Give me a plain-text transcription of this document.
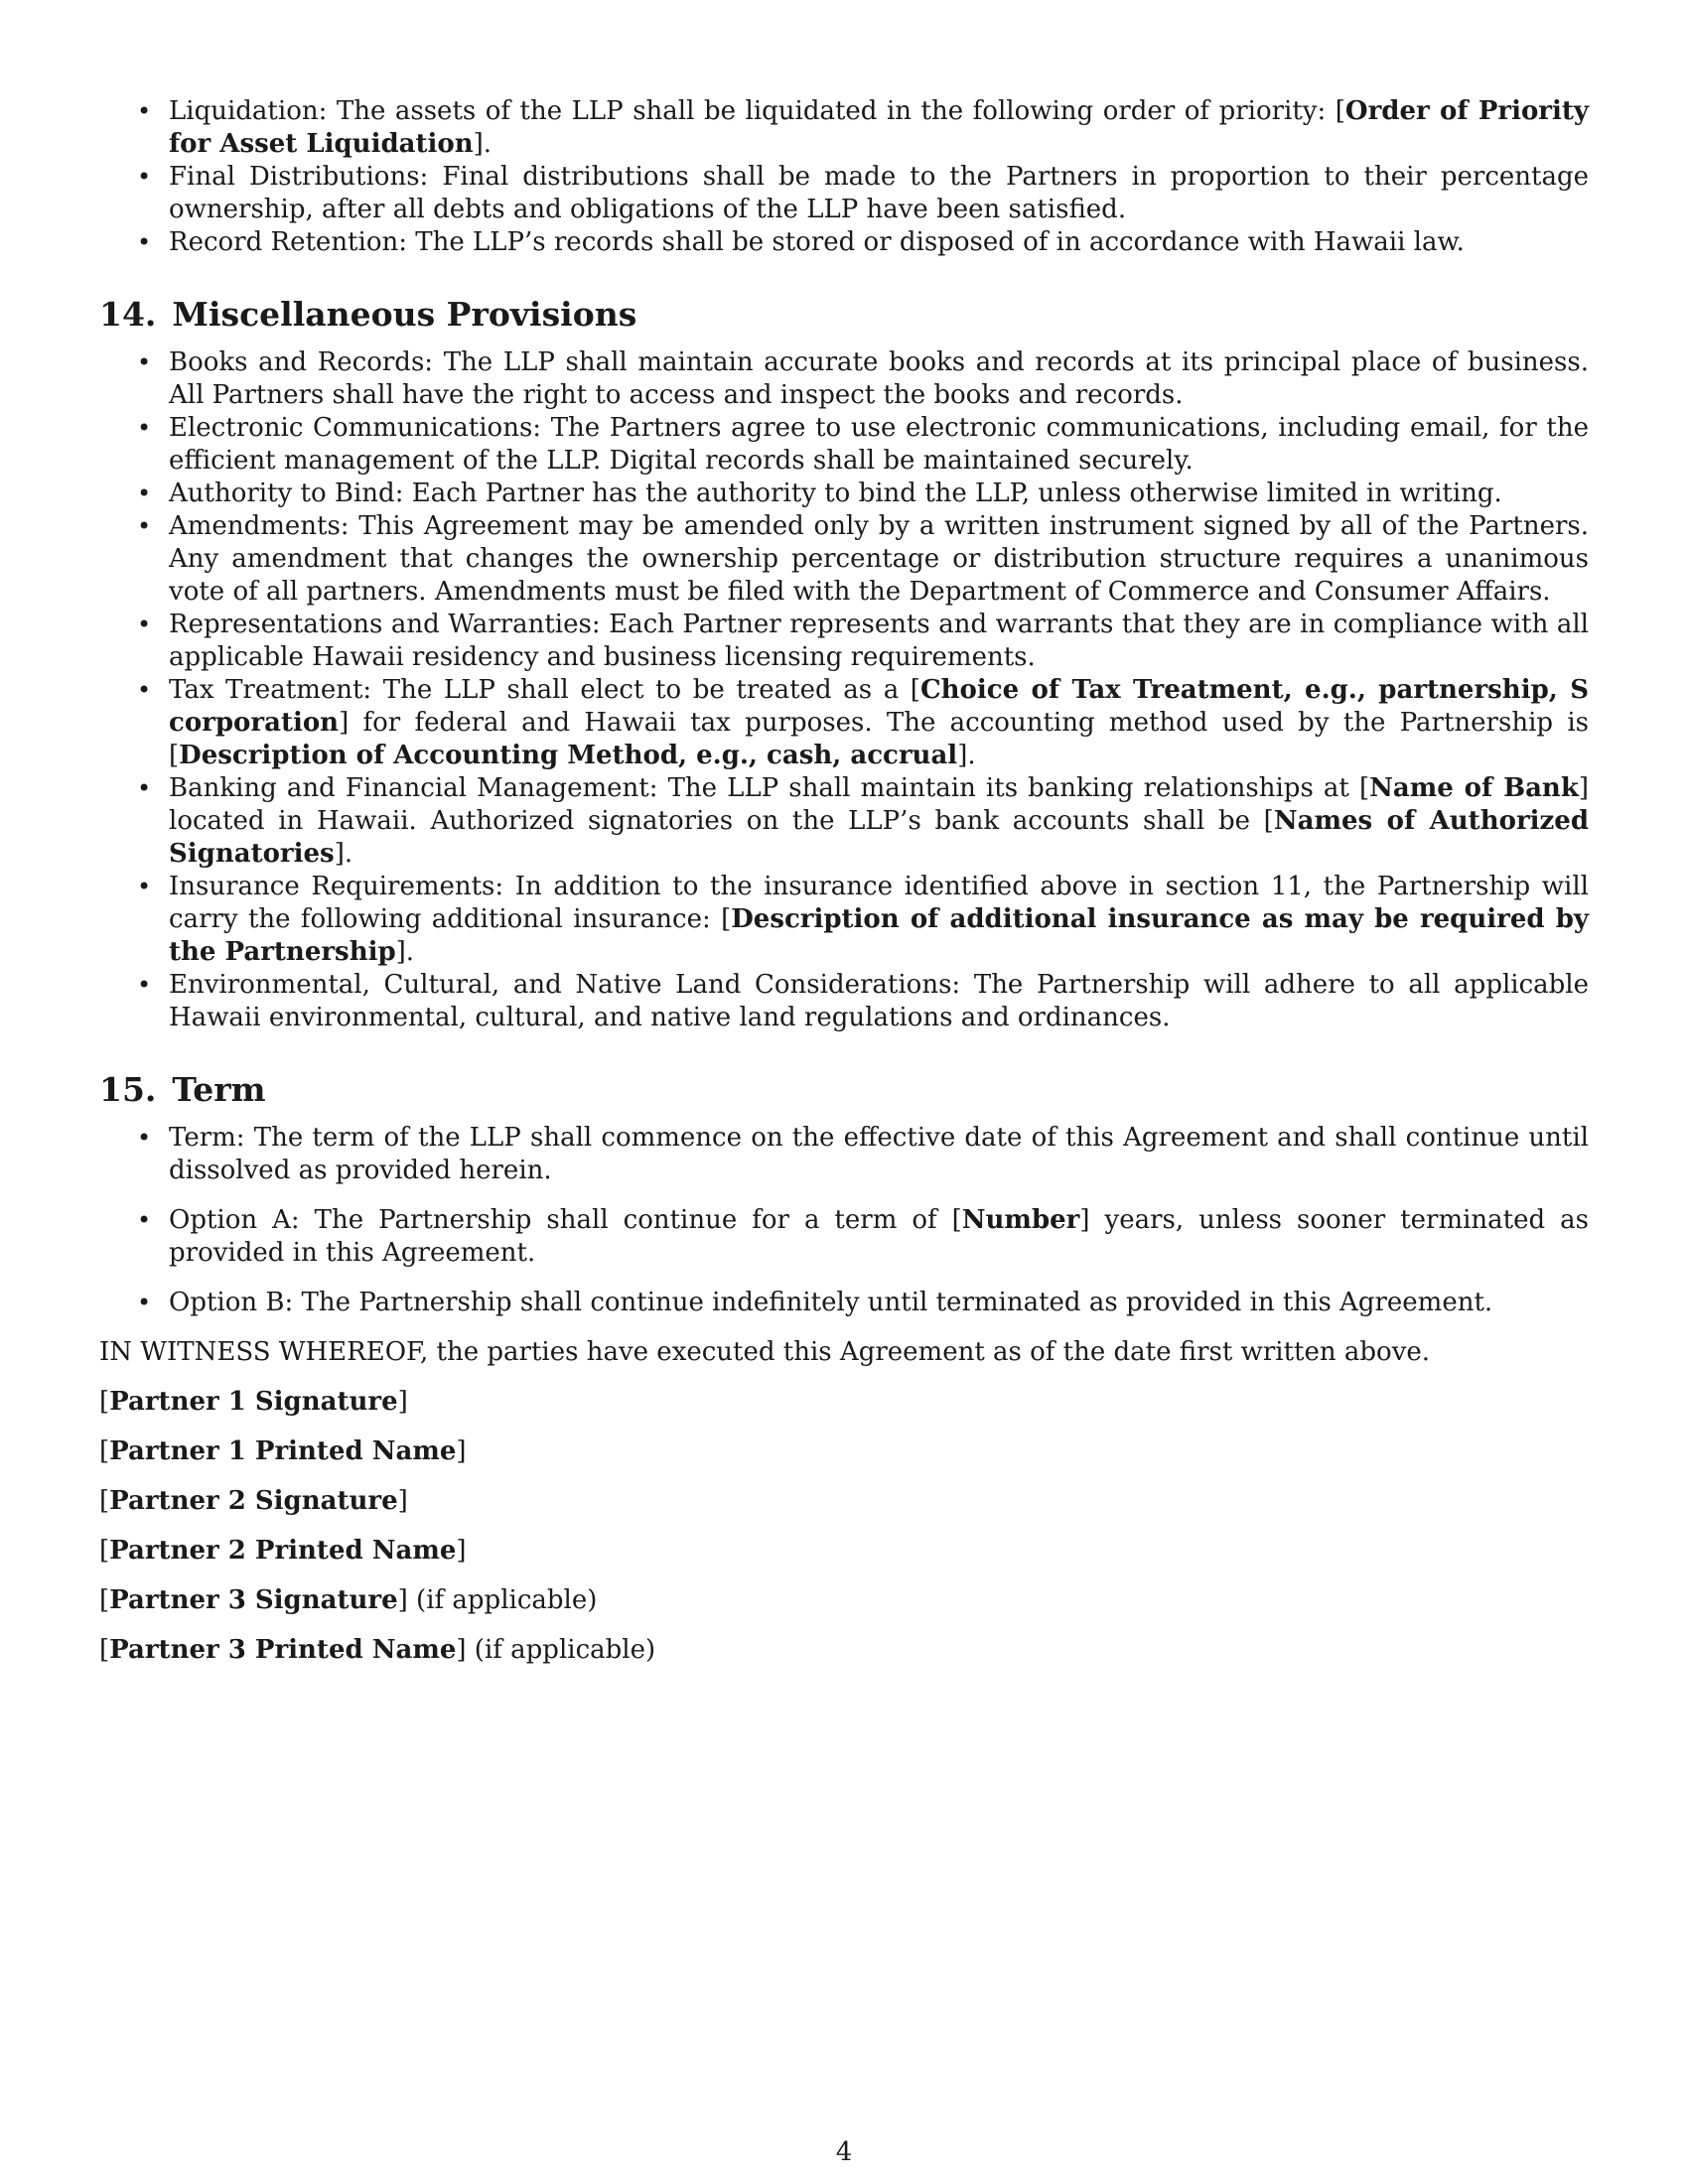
• Liquidation: The assets of the LLP shall be liquidated in the following order of priority: [Order of Priority for Asset Liquidation].
• Final Distributions: Final distributions shall be made to the Partners in proportion to their percentage ownership, after all debts and obligations of the LLP have been satisfied.
• Record Retention: The LLP’s records shall be stored or disposed of in accordance with Hawaii law.
14. Miscellaneous Provisions
• Books and Records: The LLP shall maintain accurate books and records at its principal place of business. All Partners shall have the right to access and inspect the books and records.
• Electronic Communications: The Partners agree to use electronic communications, including email, for the efficient management of the LLP. Digital records shall be maintained securely.
• Authority to Bind: Each Partner has the authority to bind the LLP, unless otherwise limited in writing.
• Amendments: This Agreement may be amended only by a written instrument signed by all of the Partners. Any amendment that changes the ownership percentage or distribution structure requires a unanimous vote of all partners. Amendments must be filed with the Department of Commerce and Consumer Affairs.
• Representations and Warranties: Each Partner represents and warrants that they are in compliance with all applicable Hawaii residency and business licensing requirements.
• Tax Treatment: The LLP shall elect to be treated as a [Choice of Tax Treatment, e.g., partnership, S corporation] for federal and Hawaii tax purposes. The accounting method used by the Partnership is [Description of Accounting Method, e.g., cash, accrual].
• Banking and Financial Management: The LLP shall maintain its banking relationships at [Name of Bank] located in Hawaii. Authorized signatories on the LLP’s bank accounts shall be [Names of Authorized Signatories].
• Insurance Requirements: In addition to the insurance identified above in section 11, the Partnership will carry the following additional insurance: [Description of additional insurance as may be required by the Partnership].
• Environmental, Cultural, and Native Land Considerations: The Partnership will adhere to all applicable Hawaii environmental, cultural, and native land regulations and ordinances.
15. Term
• Term: The term of the LLP shall commence on the effective date of this Agreement and shall continue until dissolved as provided herein.
• Option A: The Partnership shall continue for a term of [Number] years, unless sooner terminated as provided in this Agreement.
• Option B: The Partnership shall continue indefinitely until terminated as provided in this Agreement.

IN WITNESS WHEREOF, the parties have executed this Agreement as of the date first written above.

[Partner 1 Signature]

[Partner 1 Printed Name]

[Partner 2 Signature]

[Partner 2 Printed Name]

[Partner 3 Signature] (if applicable)

[Partner 3 Printed Name] (if applicable)

4
